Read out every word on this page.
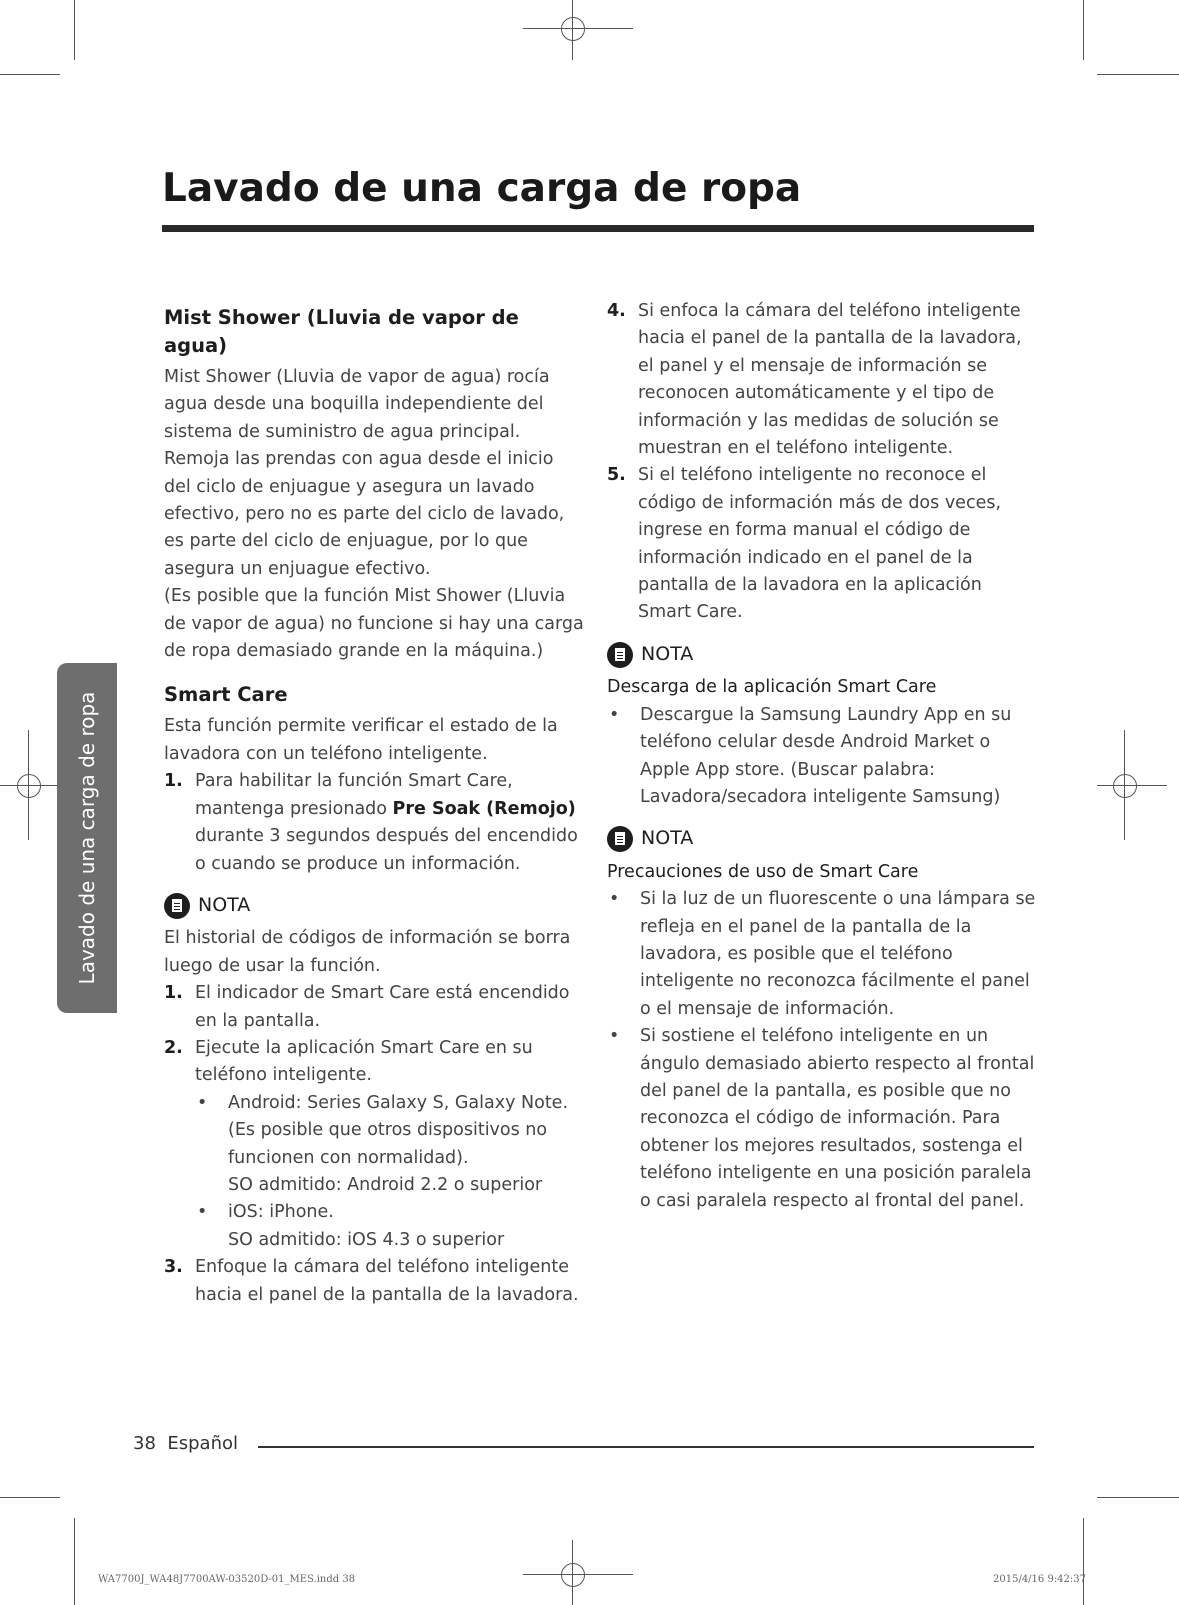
Lavado de una carga de ropa
Lavado de una carga de ropa
Mist Shower (Lluvia de vapor de agua)

Mist Shower (Lluvia de vapor de agua) rocía agua desde una boquilla independiente del sistema de suministro de agua principal. Remoja las prendas con agua desde el inicio del ciclo de enjuague y asegura un lavado efectivo, pero no es parte del ciclo de lavado, es parte del ciclo de enjuague, por lo que asegura un enjuague efectivo.

(Es posible que la función Mist Shower (Lluvia de vapor de agua) no funcione si hay una carga de ropa demasiado grande en la máquina.)

Smart Care

Esta función permite verificar el estado de la lavadora con un teléfono inteligente.

1. Para habilitar la función Smart Care, mantenga presionado Pre Soak (Remojo) durante 3 segundos después del encendido o cuando se produce un información.
NOTA

El historial de códigos de información se borra luego de usar la función.

1. El indicador de Smart Care está encendido en la pantalla.
2. Ejecute la aplicación Smart Care en su teléfono inteligente.
•	Android: Series Galaxy S, Galaxy Note. (Es posible que otros dispositivos no funcionen con normalidad).
SO admitido: Android 2.2 o superior
•	iOS: iPhone.
SO admitido: iOS 4.3 o superior
3. Enfoque la cámara del teléfono inteligente hacia el panel de la pantalla de la lavadora.
4. Si enfoca la cámara del teléfono inteligente hacia el panel de la pantalla de la lavadora, el panel y el mensaje de información se reconocen automáticamente y el tipo de información y las medidas de solución se muestran en el teléfono inteligente.
5. Si el teléfono inteligente no reconoce el código de información más de dos veces, ingrese en forma manual el código de información indicado en el panel de la pantalla de la lavadora en la aplicación Smart Care.
NOTA
Descarga de la aplicación Smart Care
•	Descargue la Samsung Laundry App en su teléfono celular desde Android Market o Apple App store. (Buscar palabra: Lavadora/secadora inteligente Samsung)
NOTA
Precauciones de uso de Smart Care
•	Si la luz de un fluorescente o una lámpara se refleja en el panel de la pantalla de la lavadora, es posible que el teléfono inteligente no reconozca fácilmente el panel o el mensaje de información.
•	Si sostiene el teléfono inteligente en un ángulo demasiado abierto respecto al frontal del panel de la pantalla, es posible que no reconozca el código de información. Para obtener los mejores resultados, sostenga el teléfono inteligente en una posición paralela o casi paralela respecto al frontal del panel.
38 Español
WA7700J_WA48J7700AW-03520D-01_MES.indd 38	2015/4/16 9:42:37
